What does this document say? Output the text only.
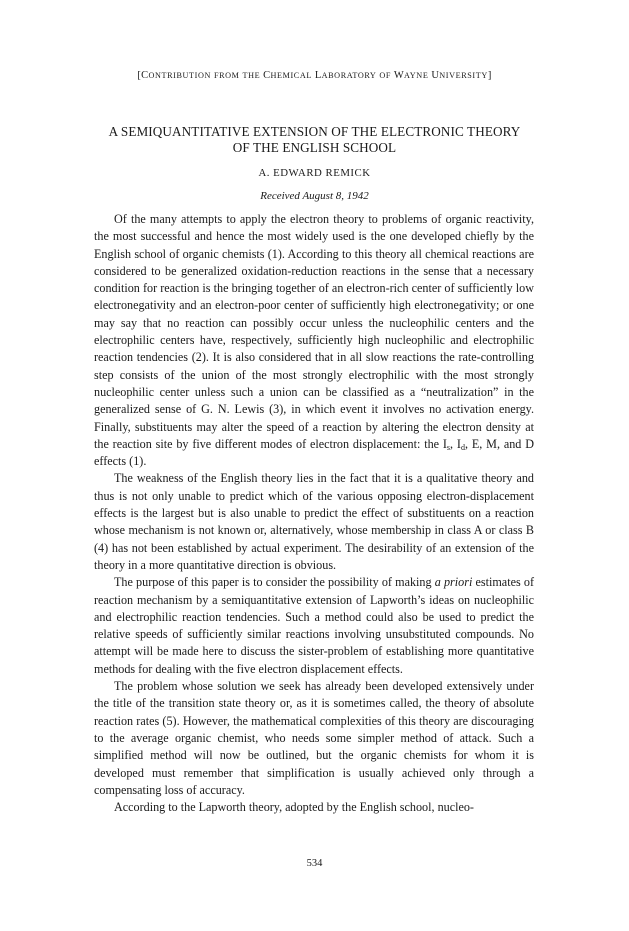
[CONTRIBUTION FROM THE CHEMICAL LABORATORY OF WAYNE UNIVERSITY]
A SEMIQUANTITATIVE EXTENSION OF THE ELECTRONIC THEORY
OF THE ENGLISH SCHOOL
A. EDWARD REMICK
Received August 8, 1942

Of the many attempts to apply the electron theory to problems of organic reactivity, the most successful and hence the most widely used is the one developed chiefly by the English school of organic chemists (1). According to this theory all chemical reactions are considered to be generalized oxidation-reduction reactions in the sense that a necessary condition for reaction is the bringing together of an electron-rich center of sufficiently low electronegativity and an electron-poor center of sufficiently high electronegativity; or one may say that no reaction can possibly occur unless the nucleophilic centers and the electrophilic centers have, respectively, sufficiently high nucleophilic and electrophilic reaction tendencies (2). It is also considered that in all slow reactions the rate-controlling step consists of the union of the most strongly electrophilic with the most strongly nucleophilic center unless such a union can be classified as a “neutralization” in the generalized sense of G. N. Lewis (3), in which event it involves no activation energy. Finally, substituents may alter the speed of a reaction by altering the electron density at the reaction site by five different modes of electron displacement: the $I_s$, $I_d$, E, M, and D effects (1).

The weakness of the English theory lies in the fact that it is a qualitative theory and thus is not only unable to predict which of the various opposing electron-displacement effects is the largest but is also unable to predict the effect of substituents on a reaction whose mechanism is not known or, alternatively, whose membership in class A or class B (4) has not been established by actual experiment. The desirability of an extension of the theory in a more quantitative direction is obvious.

The purpose of this paper is to consider the possibility of making a priori estimates of reaction mechanism by a semiquantitative extension of Lapworth’s ideas on nucleophilic and electrophilic reaction tendencies. Such a method could also be used to predict the relative speeds of sufficiently similar reactions involving unsubstituted compounds. No attempt will be made here to discuss the sister-problem of establishing more quantitative methods for dealing with the five electron displacement effects.

The problem whose solution we seek has already been developed extensively under the title of the transition state theory or, as it is sometimes called, the theory of absolute reaction rates (5). However, the mathematical complexities of this theory are discouraging to the average organic chemist, who needs some simpler method of attack. Such a simplified method will now be outlined, but the organic chemists for whom it is developed must remember that simplification is usually achieved only through a compensating loss of accuracy.

According to the Lapworth theory, adopted by the English school, nucleo-

534
